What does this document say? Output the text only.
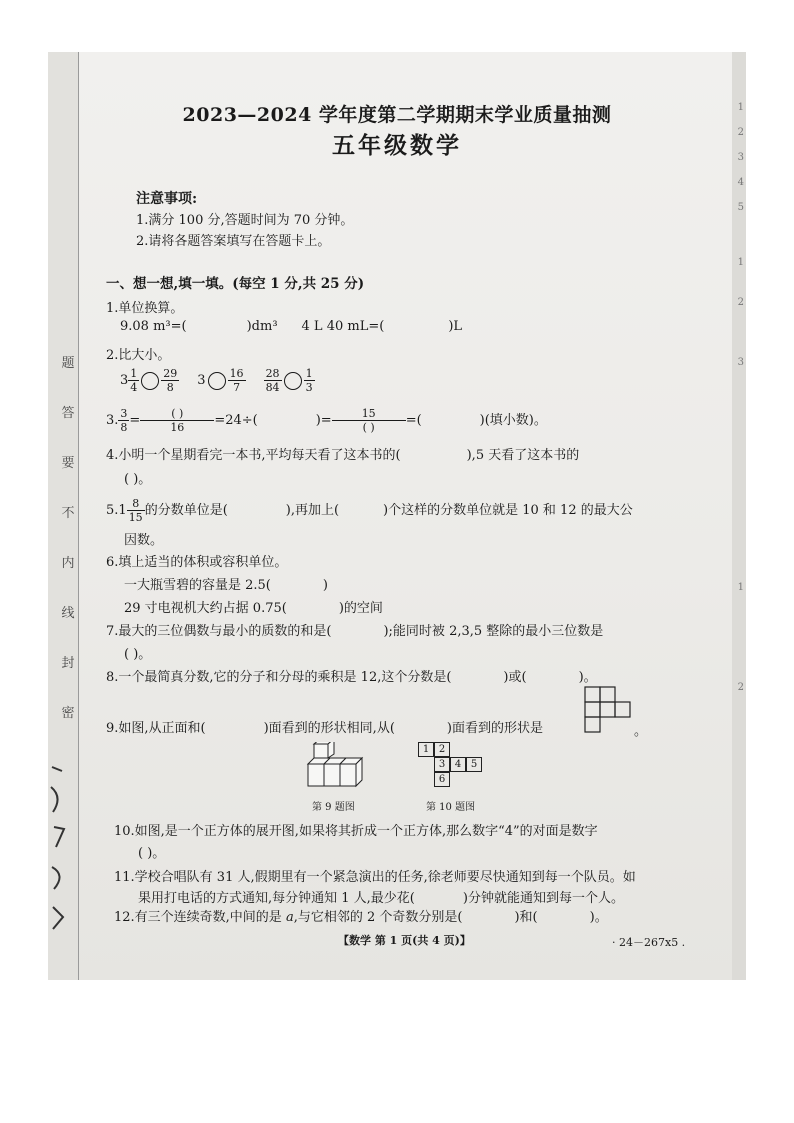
题
答
要
不
内
线
封
密
1
2
3
4
5
1
2
3
1
2
2023—2024 学年度第二学期期末学业质量抽测
五年级数学
注意事项:
1.满分 100 分,答题时间为 70 分钟。
2.请将各题答案填写在答题卡上。
一、想一想,填一填。(每空 1 分,共 25 分)
1.单位换算。
9.08 m³=(	)dm³ 4 L 40 mL=(	)L
2.比大小。
$3 \frac{1}{4} \frac{29}{8} 3 \frac{16}{7} \frac{28}{84} \frac{1}{3}$
3. $\frac{3}{8} = \frac{( )}{16} =24\div$(	)= $\frac{15}{( )}$ =(	)(填小数)。
4.小明一个星期看完一本书,平均每天看了这本书的(	),5 天看了这本书的
( )。
$5.1 \frac{8}{15}$ 的分数单位是(	),再加上(	)个这样的分数单位就是 10 和 12 的最大公
因数。
6.填上适当的体积或容积单位。
一大瓶雪碧的容量是 2.5(	)
29 寸电视机大约占据 0.75(	)的空间
7.最大的三位偶数与最小的质数的和是(	);能同时被 2,3,5 整除的最小三位数是
( )。
8.一个最简真分数,它的分子和分母的乘积是 12,这个分数是(	)或(	)。
9.如图,从正面和(	)面看到的形状相同,从(	)面看到的形状是	。
第 9 题图
1 2
3 4 5
6
第 10 题图
10.如图,是一个正方体的展开图,如果将其折成一个正方体,那么数字“4”的对面是数字
( )。
11.学校合唱队有 31 人,假期里有一个紧急演出的任务,徐老师要尽快通知到每一个队员。如
果用打电话的方式通知,每分钟通知 1 人,最少花(	)分钟就能通知到每一个人。
12.有三个连续奇数,中间的是 a,与它相邻的 2 个奇数分别是(	)和(	)。
【数学 第 1 页(共 4 页)】	· 24－267x5 .
